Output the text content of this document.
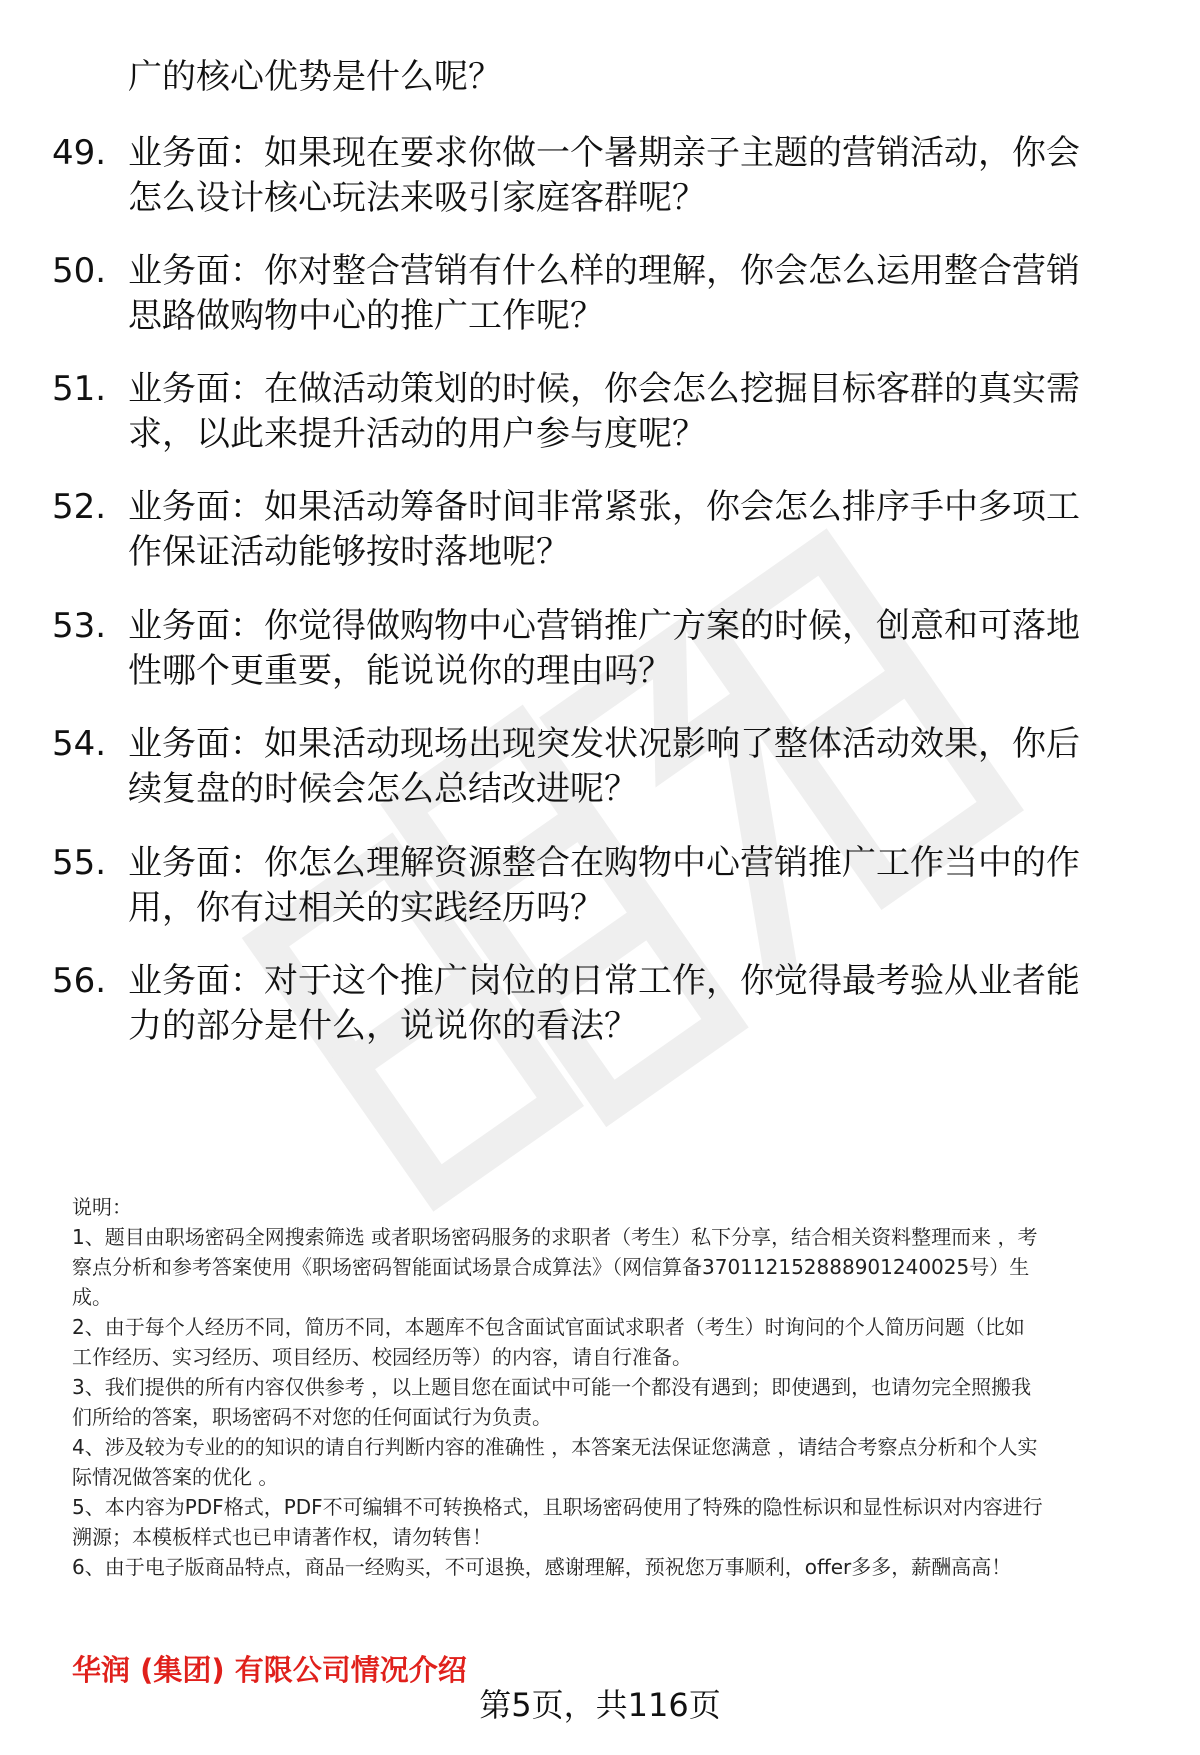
广的核心优势是什么呢？
49. 业务面：如果现在要求你做一个暑期亲子主题的营销活动，你会
怎么设计核心玩法来吸引家庭客群呢？
50. 业务面：你对整合营销有什么样的理解，你会怎么运用整合营销
思路做购物中心的推广工作呢？
51. 业务面：在做活动策划的时候，你会怎么挖掘目标客群的真实需
求，以此来提升活动的用户参与度呢？
52. 业务面：如果活动筹备时间非常紧张，你会怎么排序手中多项工
作保证活动能够按时落地呢？
53. 业务面：你觉得做购物中心营销推广方案的时候，创意和可落地
性哪个更重要，能说说你的理由吗？
54. 业务面：如果活动现场出现突发状况影响了整体活动效果，你后
续复盘的时候会怎么总结改进呢？
55. 业务面：你怎么理解资源整合在购物中心营销推广工作当中的作
用，你有过相关的实践经历吗？
56. 业务面：对于这个推广岗位的日常工作，你觉得最考验从业者能
力的部分是什么，说说你的看法？
说明：
1、题目由职场密码全网搜索筛选 或者职场密码服务的求职者（考生）私下分享，结合相关资料整理而来 ，考
察点分析和参考答案使用《职场密码智能面试场景合成算法》（网信算备370112152888901240025号）生
成。
2、由于每个人经历不同，简历不同，本题库不包含面试官面试求职者（考生）时询问的个人简历问题（比如
工作经历、实习经历、项目经历、校园经历等）的内容，请自行准备。
3、我们提供的所有内容仅供参考 ，以上题目您在面试中可能一个都没有遇到；即使遇到，也请勿完全照搬我
们所给的答案，职场密码不对您的任何面试行为负责。
4、涉及较为专业的的知识的请自行判断内容的准确性 ，本答案无法保证您满意 ，请结合考察点分析和个人实
际情况做答案的优化 。
5、本内容为PDF格式，PDF不可编辑不可转换格式，且职场密码使用了特殊的隐性标识和显性标识对内容进行
溯源；本模板样式也已申请著作权，请勿转售！
6、由于电子版商品特点，商品一经购买，不可退换，感谢理解，预祝您万事顺利，offer多多，薪酬高高！
华润 (集团) 有限公司情况介绍
第5页，共116页
